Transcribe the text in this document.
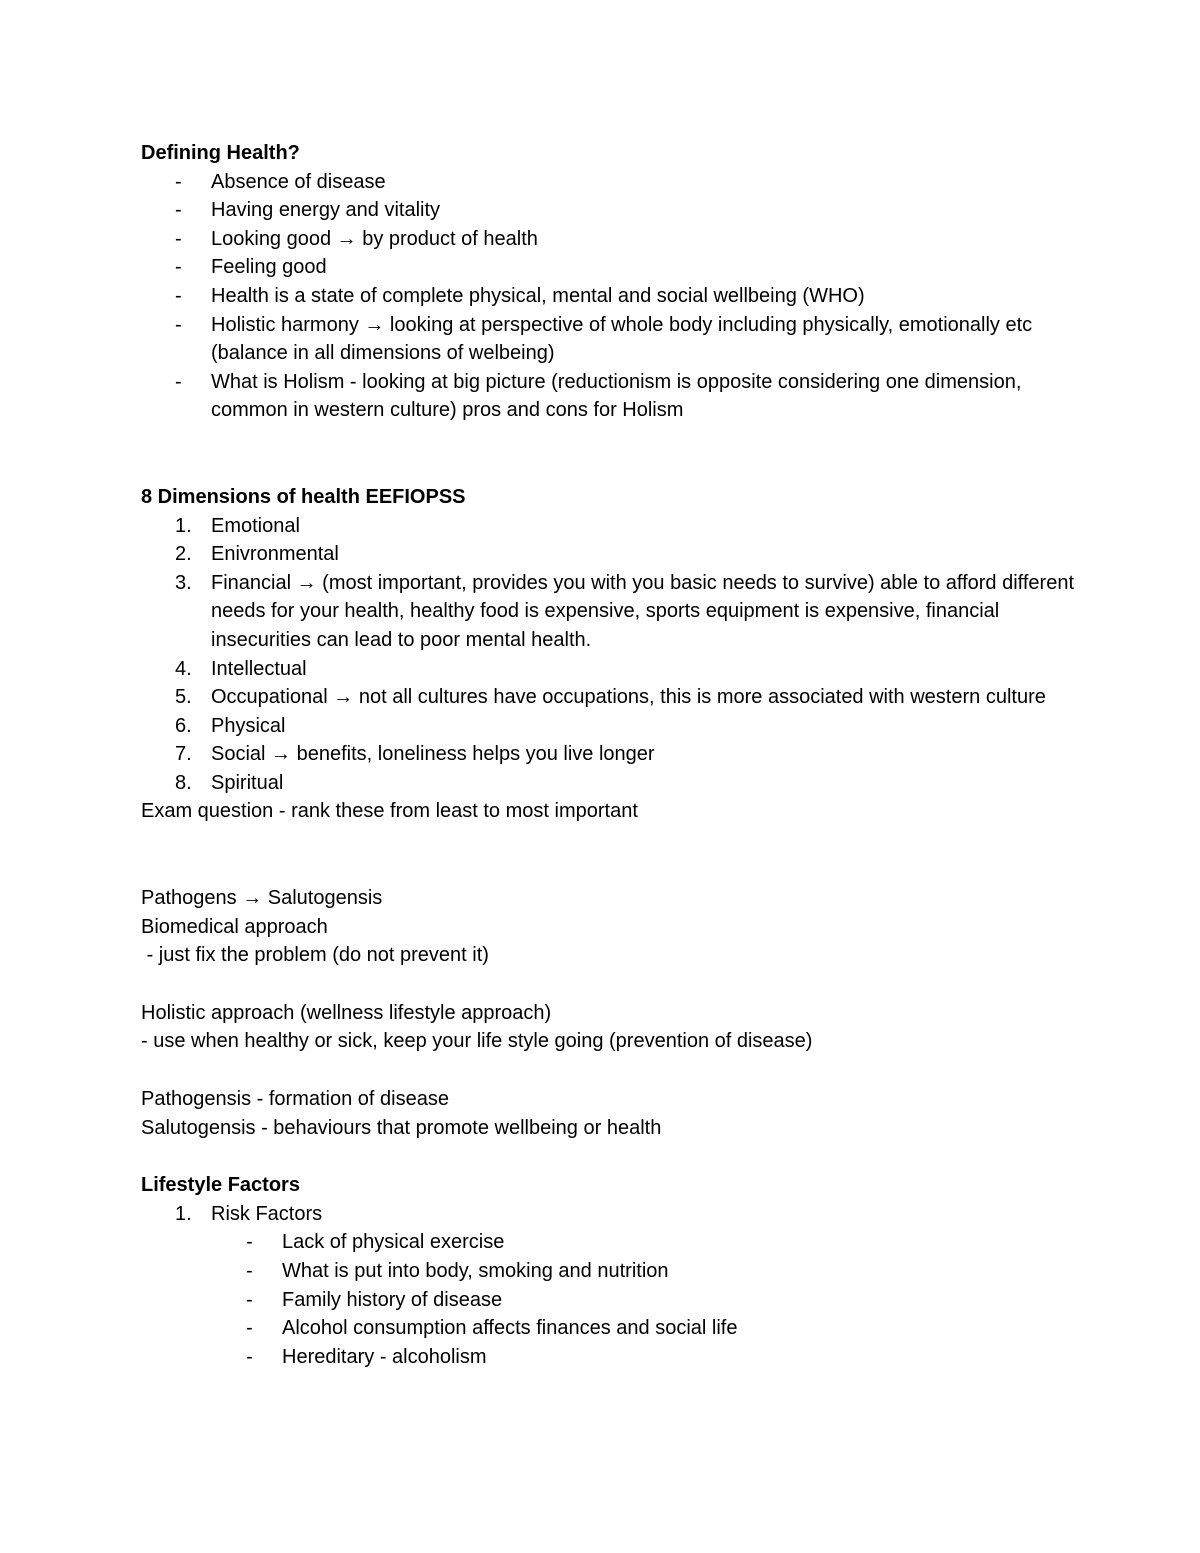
Defining Health?

- Absence of disease
- Having energy and vitality
- Looking good → by product of health
- Feeling good
- Health is a state of complete physical, mental and social wellbeing (WHO)
- Holistic harmony → looking at perspective of whole body including physically, emotionally etc (balance in all dimensions of welbeing)
- What is Holism - looking at big picture (reductionism is opposite considering one dimension, common in western culture) pros and cons for Holism

8 Dimensions of health EEFIOPSS

1. Emotional
2. Enivronmental
3. Financial → (most important, provides you with you basic needs to survive) able to afford different needs for your health, healthy food is expensive, sports equipment is expensive, financial insecurities can lead to poor mental health.
4. Intellectual
5. Occupational → not all cultures have occupations, this is more associated with western culture
6. Physical
7. Social → benefits, loneliness helps you live longer
8. Spiritual

Exam question - rank these from least to most important

Pathogens → Salutogensis

Biomedical approach

- just fix the problem (do not prevent it)

Holistic approach (wellness lifestyle approach)

- use when healthy or sick, keep your life style going (prevention of disease)

Pathogensis - formation of disease

Salutogensis - behaviours that promote wellbeing or health

Lifestyle Factors

1. Risk Factors
- Lack of physical exercise
- What is put into body, smoking and nutrition
- Family history of disease
- Alcohol consumption affects finances and social life
- Hereditary - alcoholism
